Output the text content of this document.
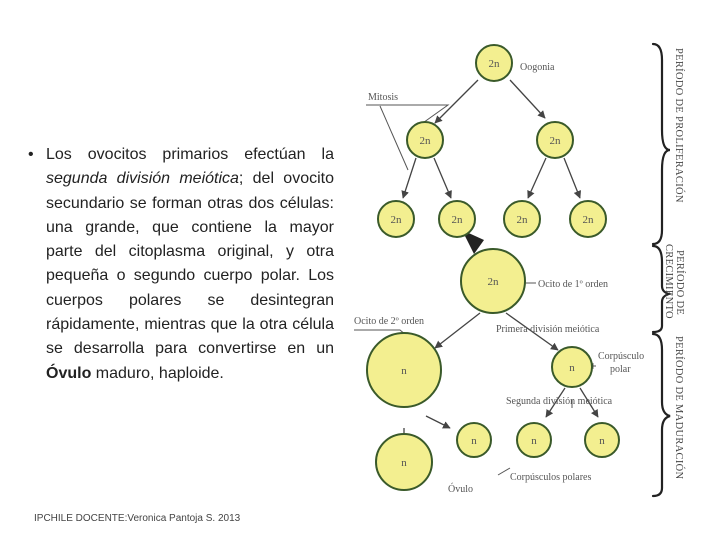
• Los ovocitos primarios efectúan la segunda división meiótica; del ovocito secundario se forman otras dos células: una grande, que contiene la mayor parte del citoplasma original, y otra pequeña o segundo cuerpo polar. Los cuerpos polares se desintegran rápidamente, mientras que la otra célula se desarrolla para convertirse en un Óvulo maduro, haploide.
IPCHILE DOCENTE:Veronica Pantoja S. 2013
2n
2n	2n
2n	2n	2n	2n
2n
n	n
n
n	n	n
Oogonia
Mitosis
Ocito de 1º orden
Ocito de 2º orden
Primera división meiótica
Corpúsculo
polar
Segunda división meiótica
Óvulo
Corpúsculos polares
PERÍODO DE PROLIFERACIÓN
PERÍODO DE
CRECIMIENTO
PERÍODO DE MADURACIÓN
